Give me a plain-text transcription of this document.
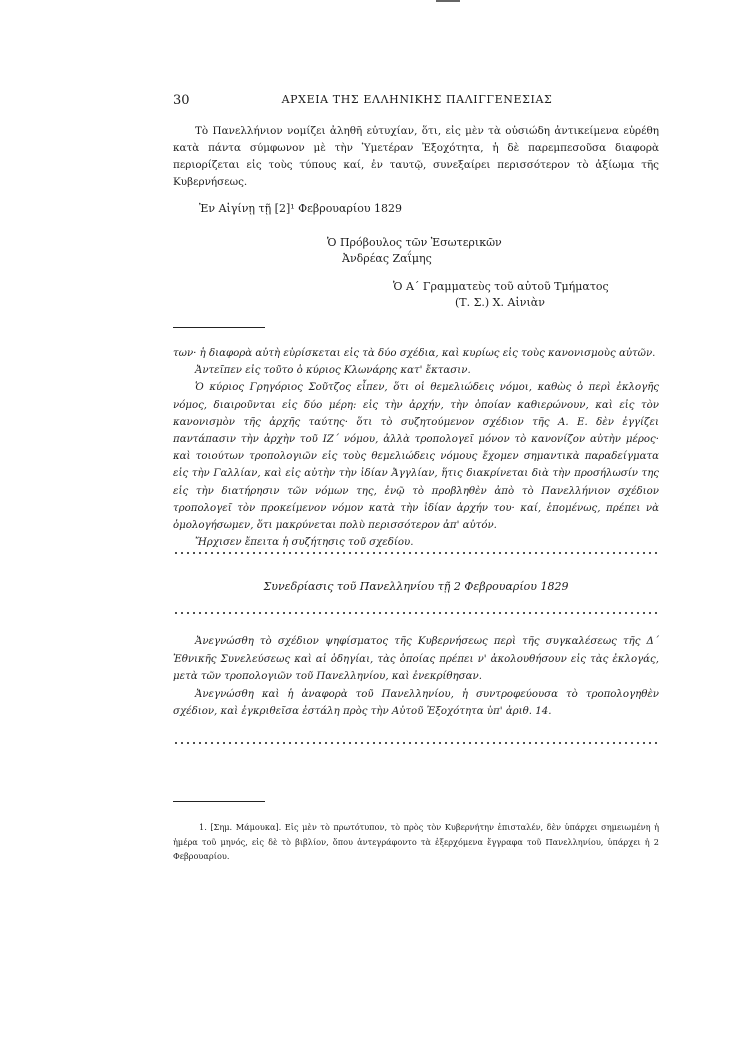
30	ΑΡΧΕΙΑ ΤΗΣ ΕΛΛΗΝΙΚΗΣ ΠΑΛΙΓΓΕΝΕΣΙΑΣ
Τὸ Πανελλήνιον νομίζει ἀληθῆ εὐτυχίαν, ὅτι, εἰς μὲν τὰ οὐσιώδη ἀντικείμενα εὑρέθη κατὰ πάντα σύμφωνον μὲ τὴν Ὑμετέραν Ἐξοχότητα, ἡ δὲ παρεμπεσοῦσα διαφορὰ περιορίζεται εἰς τοὺς τύπους καί, ἐν ταυτῷ, συνεξαίρει περισσότερον τὸ ἀξίωμα τῆς Κυβερνήσεως.
Ἐν Αἰγίνῃ τῇ [2]¹ Φεβρουαρίου 1829
Ὁ Πρόβουλος τῶν Ἐσωτερικῶν
Ἀνδρέας Ζαΐμης
Ὁ Α΄ Γραμματεὺς τοῦ αὐτοῦ Τμήματος
(Τ. Σ.) Χ. Αἰνιὰν

των· ἡ διαφορὰ αὐτὴ εὑρίσκεται εἰς τὰ δύο σχέδια, καὶ κυρίως εἰς τοὺς κανονισμοὺς αὐτῶν.

Ἀντεῖπεν εἰς τοῦτο ὁ κύριος Κλωνάρης κατ' ἔκτασιν.

Ὁ κύριος Γρηγόριος Σοῦτζος εἶπεν, ὅτι οἱ θεμελιώδεις νόμοι, καθὼς ὁ περὶ ἐκλογῆς νόμος, διαιροῦνται εἰς δύο μέρη: εἰς τὴν ἀρχήν, τὴν ὁποίαν καθιερώνουν, καὶ εἰς τὸν κανονισμὸν τῆς ἀρχῆς ταύτης· ὅτι τὸ συζητούμενον σχέδιον τῆς Α. Ε. δὲν ἐγγίζει παντάπασιν τὴν ἀρχὴν τοῦ ΙΖ΄ νόμου, ἀλλὰ τροπολογεῖ μόνον τὸ κανονίζον αὐτὴν μέρος· καὶ τοιούτων τροπολογιῶν εἰς τοὺς θεμελιώδεις νόμους ἔχομεν σημαντικὰ παραδείγματα εἰς τὴν Γαλλίαν, καὶ εἰς αὐτὴν τὴν ἰδίαν Ἀγγλίαν, ἥτις διακρίνεται διὰ τὴν προσήλωσίν της εἰς τὴν διατήρησιν τῶν νόμων της, ἐνῷ τὸ προβληθὲν ἀπὸ τὸ Πανελλήνιον σχέδιον τροπολογεῖ τὸν προκείμενον νόμον κατὰ τὴν ἰδίαν ἀρχήν του· καί, ἑπομένως, πρέπει νὰ ὁμολογήσωμεν, ὅτι μακρύνεται πολὺ περισσότερον ἀπ' αὐτόν.

Ἤρχισεν ἔπειτα ἡ συζήτησις τοῦ σχεδίου.

Συνεδρίασις τοῦ Πανελληνίου τῇ 2 Φεβρουαρίου 1829

Ἀνεγνώσθη τὸ σχέδιον ψηφίσματος τῆς Κυβερνήσεως περὶ τῆς συγκαλέσεως τῆς Δ΄ Ἐθνικῆς Συνελεύσεως καὶ αἱ ὁδηγίαι, τὰς ὁποίας πρέπει ν' ἀκολουθήσουν εἰς τὰς ἐκλογάς, μετὰ τῶν τροπολογιῶν τοῦ Πανελληνίου, καὶ ἐνεκρίθησαν.

Ἀνεγνώσθη καὶ ἡ ἀναφορὰ τοῦ Πανελληνίου, ἡ συντροφεύουσα τὸ τροπολογηθὲν σχέδιον, καὶ ἐγκριθεῖσα ἐστάλη πρὸς τὴν Αὐτοῦ Ἐξοχότητα ὑπ' ἀριθ. 14.

1. [Σημ. Μάμουκα]. Εἰς μὲν τὸ πρωτότυπον, τὸ πρὸς τὸν Κυβερνήτην ἐπισταλέν, δὲν ὑπάρχει σημειωμένη ἡ ἡμέρα τοῦ μηνός, εἰς δὲ τὸ βιβλίον, ὅπου ἀντεγράφοντο τὰ ἐξερχόμενα ἔγγραφα τοῦ Πανελληνίου, ὑπάρχει ἡ 2 Φεβρουαρίου.
